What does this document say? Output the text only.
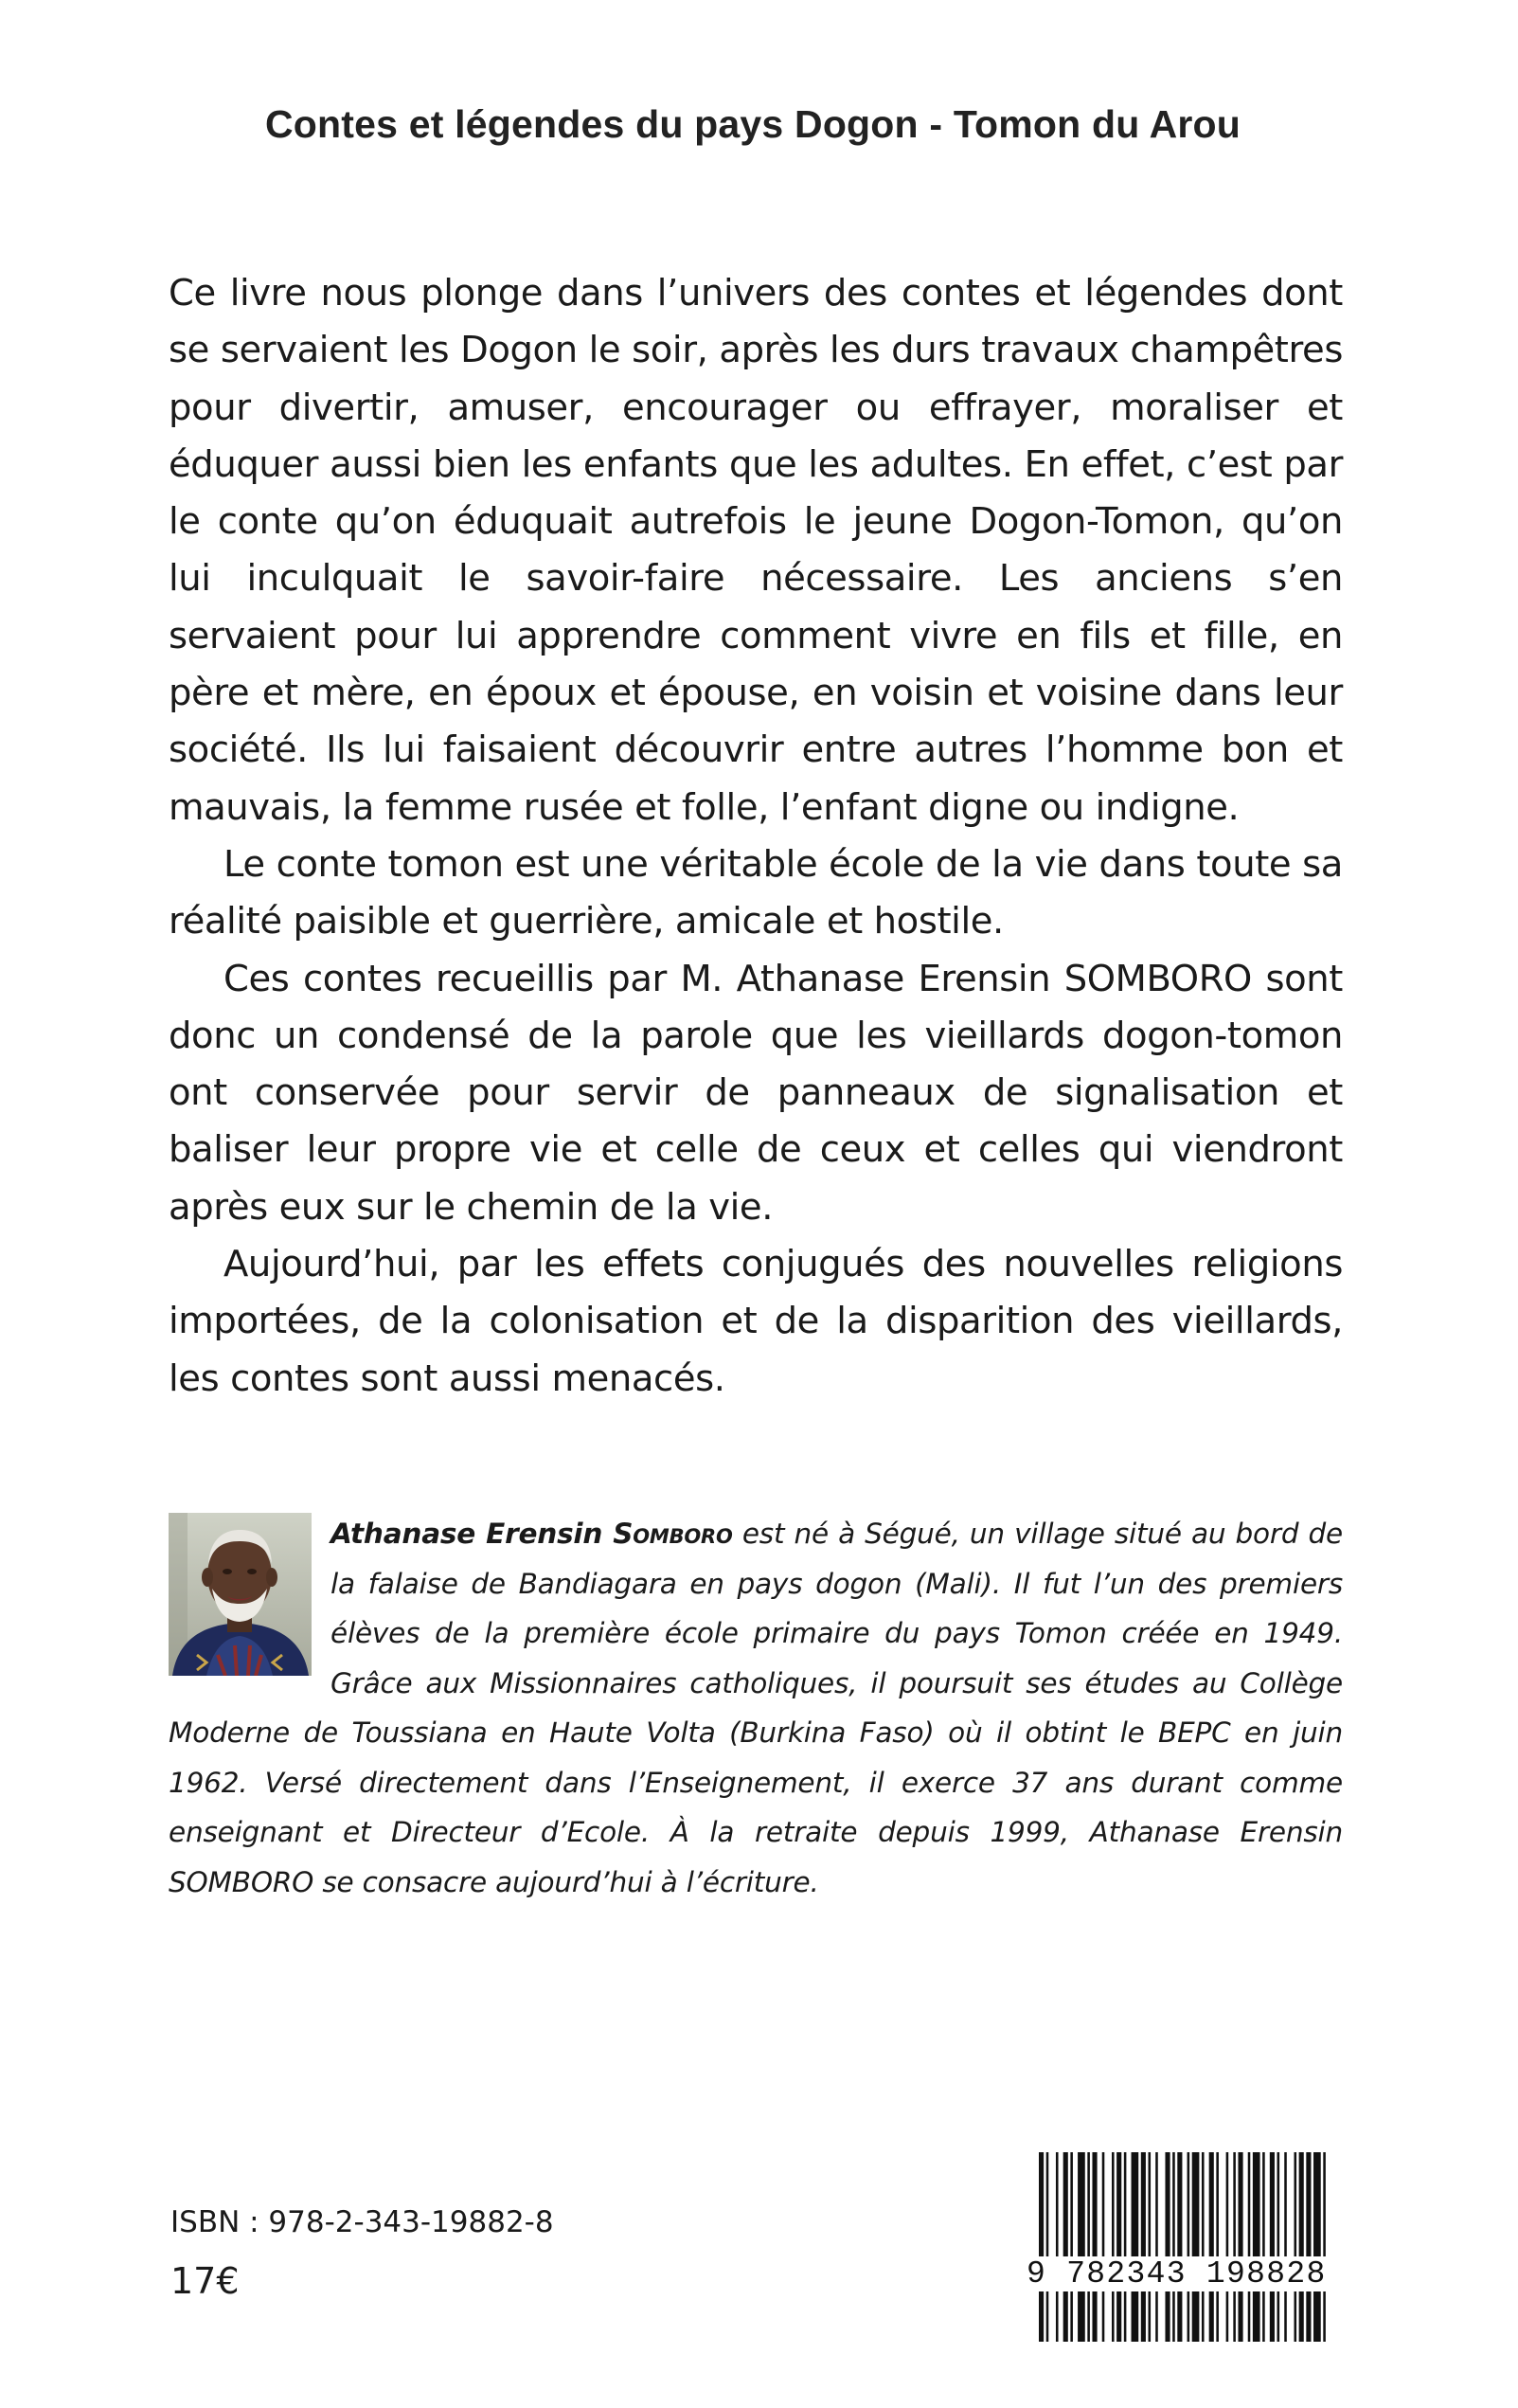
Contes et légendes du pays Dogon - Tomon du Arou

Ce livre nous plonge dans l’univers des contes et légendes dont se servaient les Dogon le soir, après les durs travaux champêtres pour divertir, amuser, encourager ou effrayer, moraliser et éduquer aussi bien les enfants que les adultes. En effet, c’est par le conte qu’on éduquait autrefois le jeune Dogon-Tomon, qu’on lui inculquait le savoir-faire nécessaire. Les anciens s’en servaient pour lui apprendre comment vivre en fils et fille, en père et mère, en époux et épouse, en voisin et voisine dans leur société. Ils lui faisaient découvrir entre autres l’homme bon et mauvais, la femme rusée et folle, l’enfant digne ou indigne.

Le conte tomon est une véritable école de la vie dans toute sa réalité paisible et guerrière, amicale et hostile.

Ces contes recueillis par M. Athanase Erensin SOMBORO sont donc un condensé de la parole que les vieillards dogon-tomon ont conservée pour servir de panneaux de signalisation et baliser leur propre vie et celle de ceux et celles qui viendront après eux sur le chemin de la vie.

Aujourd’hui, par les effets conjugués des nouvelles religions importées, de la colonisation et de la disparition des vieillards, les contes sont aussi menacés.

Athanase Erensin Somboro est né à Ségué, un village situé au bord de la falaise de Bandiagara en pays dogon (Mali). Il fut l’un des premiers élèves de la première école primaire du pays Tomon créée en 1949. Grâce aux Missionnaires catholiques, il poursuit ses études au Collège Moderne de Toussiana en Haute Volta (Burkina Faso) où il obtint le BEPC en juin 1962. Versé directement dans l’Enseignement, il exerce 37 ans durant comme enseignant et Directeur d’Ecole. À la retraite depuis 1999, Athanase Erensin SOMBORO se consacre aujourd’hui à l’écriture.
ISBN : 978-2-343-19882-8
17€	9 782343 198828
